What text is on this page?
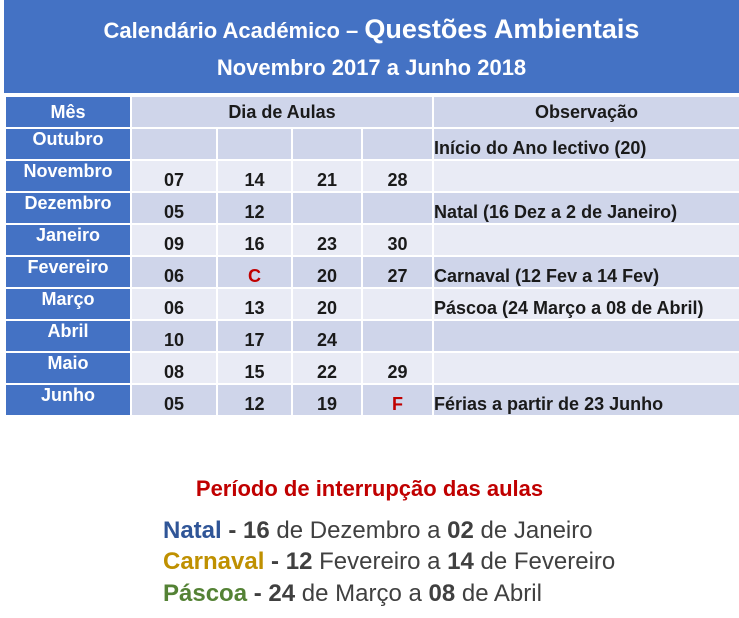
Calendário Académico – Questões Ambientais
Novembro 2017 a Junho 2018
Mês	Dia de Aulas				Observação
Outubro					Início do Ano lectivo (20)
Novembro	07	14	21	28	
Dezembro	05	12			Natal (16 Dez a 2 de Janeiro)
Janeiro	09	16	23	30	
Fevereiro	06	C	20	27	Carnaval (12 Fev a 14 Fev)
Março	06	13	20		Páscoa (24 Março a 08 de Abril)
Abril	10	17	24		
Maio	08	15	22	29	
Junho	05	12	19	F	Férias a partir de 23 Junho
Período de interrupção das aulas
Natal - 16 de Dezembro a 02 de Janeiro
Carnaval - 12 Fevereiro a 14 de Fevereiro
Páscoa - 24 de Março a 08 de Abril
